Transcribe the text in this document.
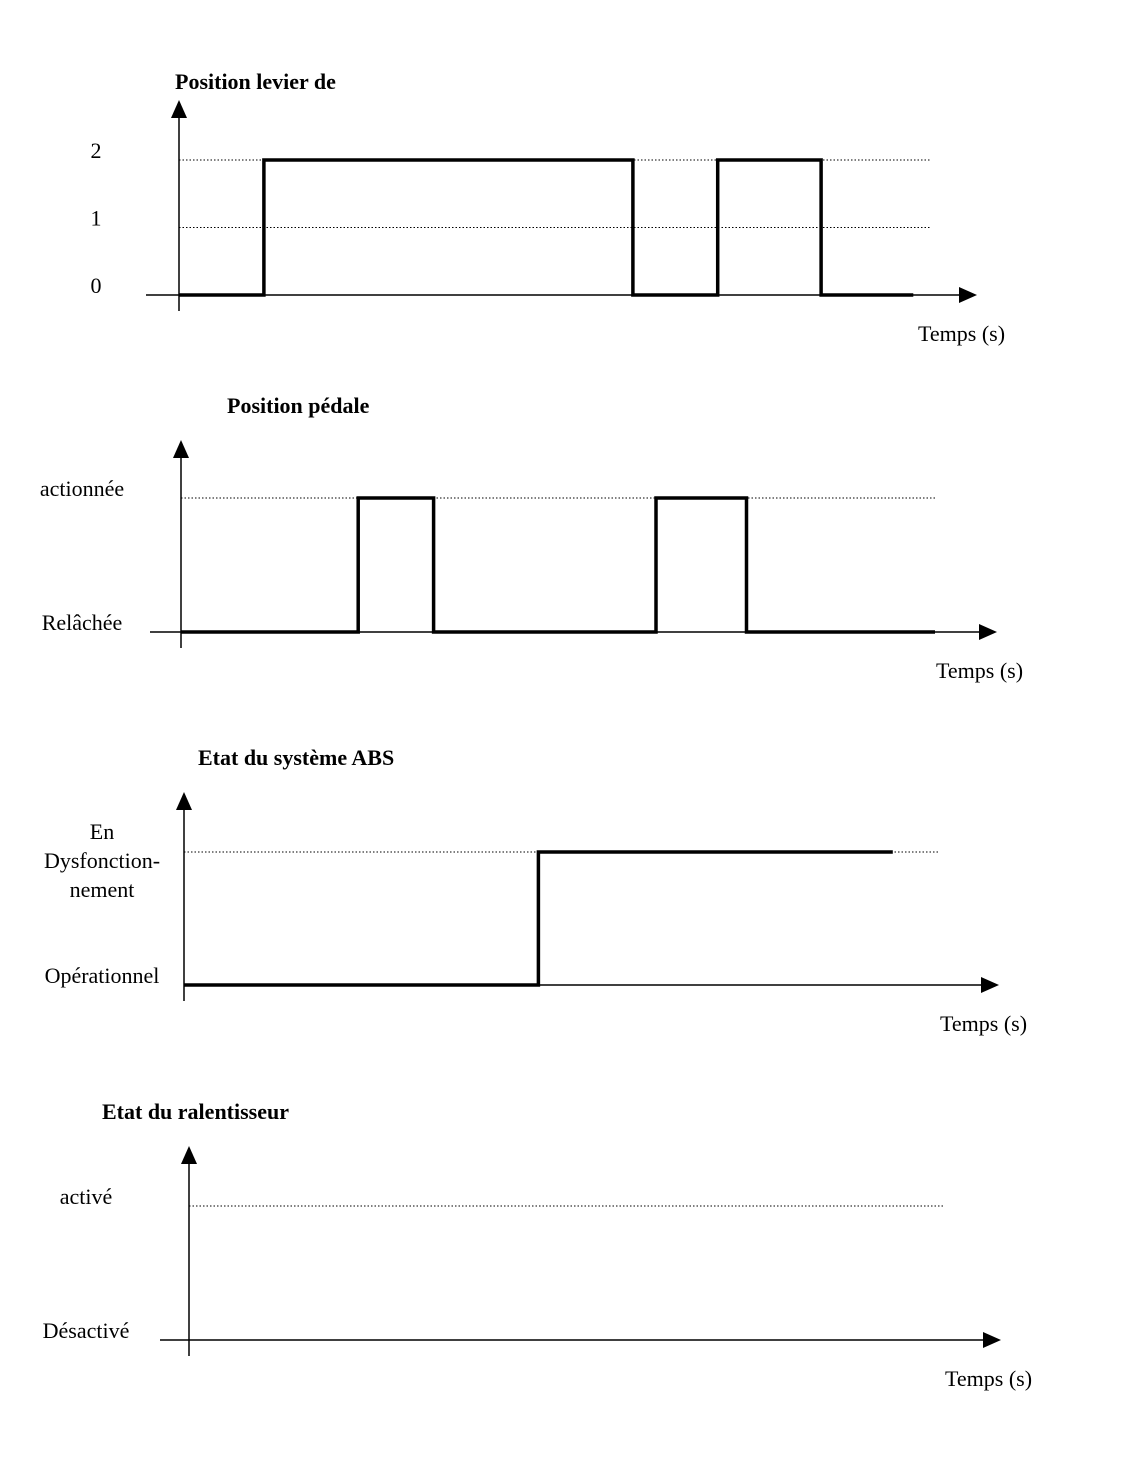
Position levier de
Temps (s)
0
1
2
Position pédale
Temps (s)
Relâchée
actionnée
Etat du système ABS
Temps (s)
Opérationnel
En
Dysfonction-
nement
Etat du ralentisseur
Temps (s)
Désactivé
activé
